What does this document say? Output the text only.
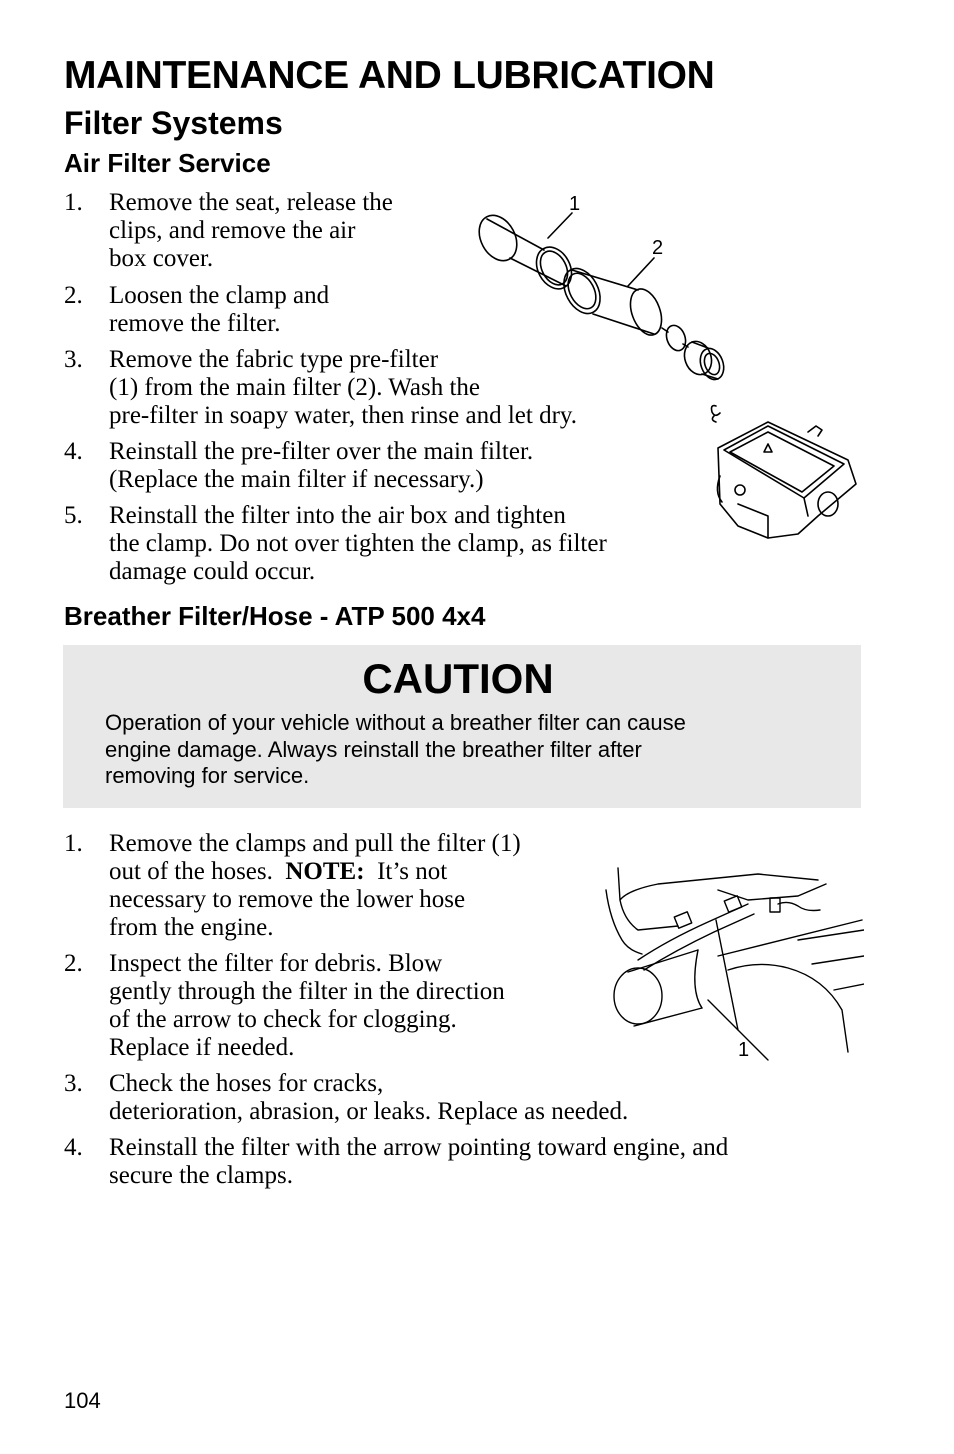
MAINTENANCE AND LUBRICATION
Filter Systems
Air Filter Service
1.	Remove the seat, release the
clips, and remove the air
box cover.
2.	Loosen the clamp and
remove the filter.
3.	Remove the fabric type pre-filter
(1) from the main filter (2). Wash the
pre-filter in soapy water, then rinse and let dry.
4.	Reinstall the pre-filter over the main filter.
(Replace the main filter if necessary.)
5.	Reinstall the filter into the air box and tighten
the clamp. Do not over tighten the clamp, as filter
damage could occur.
1
2
Breather Filter/Hose - ATP 500 4x4
CAUTION
Operation of your vehicle without a breather filter can cause
engine damage. Always reinstall the breather filter after
removing for service.
1.	Remove the clamps and pull the filter (1)
out of the hoses.  NOTE:  It’s not
necessary to remove the lower hose
from the engine.
2.	Inspect the filter for debris. Blow
gently through the filter in the direction
of the arrow to check for clogging.
Replace if needed.
3.	Check the hoses for cracks,
deterioration, abrasion, or leaks. Replace as needed.
4.	Reinstall the filter with the arrow pointing toward engine, and
secure the clamps.
1
104
